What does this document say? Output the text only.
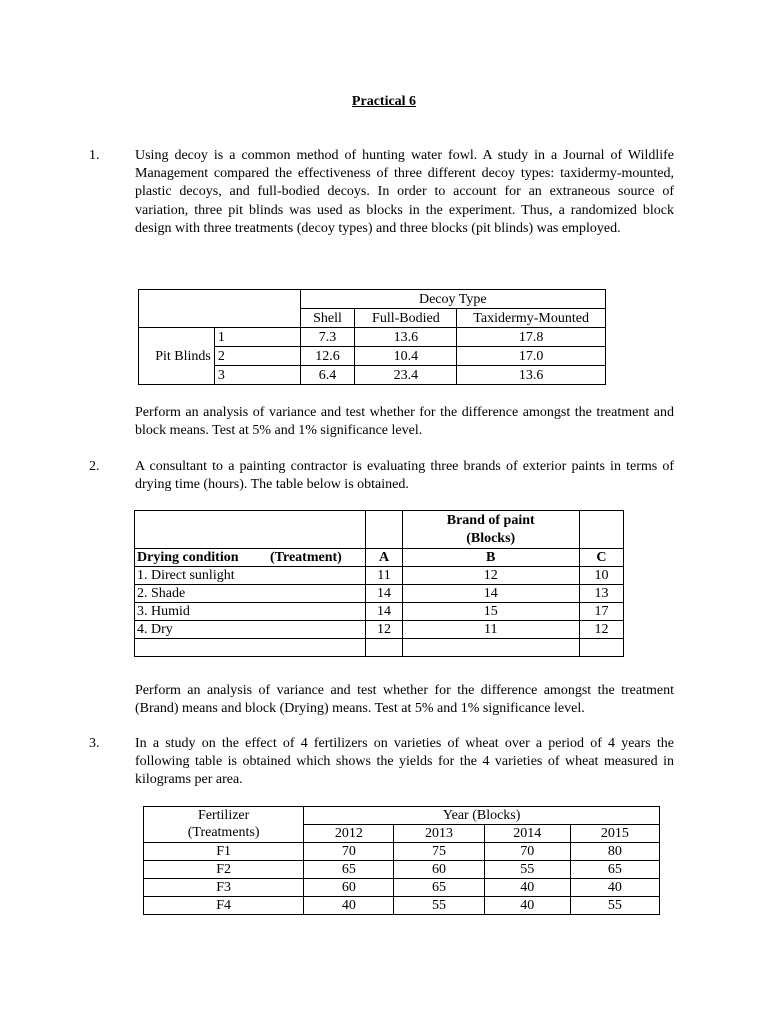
Practical 6
1.	Using decoy is a common method of hunting water fowl. A study in a Journal of Wildlife Management compared the effectiveness of three different decoy types: taxidermy-mounted, plastic decoys, and full-bodied decoys. In order to account for an extraneous source of variation, three pit blinds was used as blocks in the experiment. Thus, a randomized block design with three treatments (decoy types) and three blocks (pit blinds) was employed.
		Decoy Type		
		Shell	Full-Bodied	Taxidermy-Mounted
Pit Blinds	1	7.3	13.6	17.8
	2	12.6	10.4	17.0
	3	6.4	23.4	13.6
Perform an analysis of variance and test whether for the difference amongst the treatment and block means. Test at 5% and 1% significance level.
2.	A consultant to a painting contractor is evaluating three brands of exterior paints in terms of drying time (hours). The table below is obtained.

		Brand of paint
(Blocks)	

Drying condition (Treatment)	A	B	C
1. Direct sunlight	11	12	10
2. Shade	14	14	13
3. Humid	14	15	17
4. Dry	12	11	12

Perform an analysis of variance and test whether for the difference amongst the treatment (Brand) means and block (Drying) means. Test at 5% and 1% significance level.
3.	In a study on the effect of 4 fertilizers on varieties of wheat over a period of 4 years the following table is obtained which shows the yields for the 4 varieties of wheat measured in kilograms per area.
Fertilizer	Year (Blocks)			
(Treatments)	2012	2013	2014	2015
F1	70	75	70	80
F2	65	60	55	65
F3	60	65	40	40
F4	40	55	40	55
